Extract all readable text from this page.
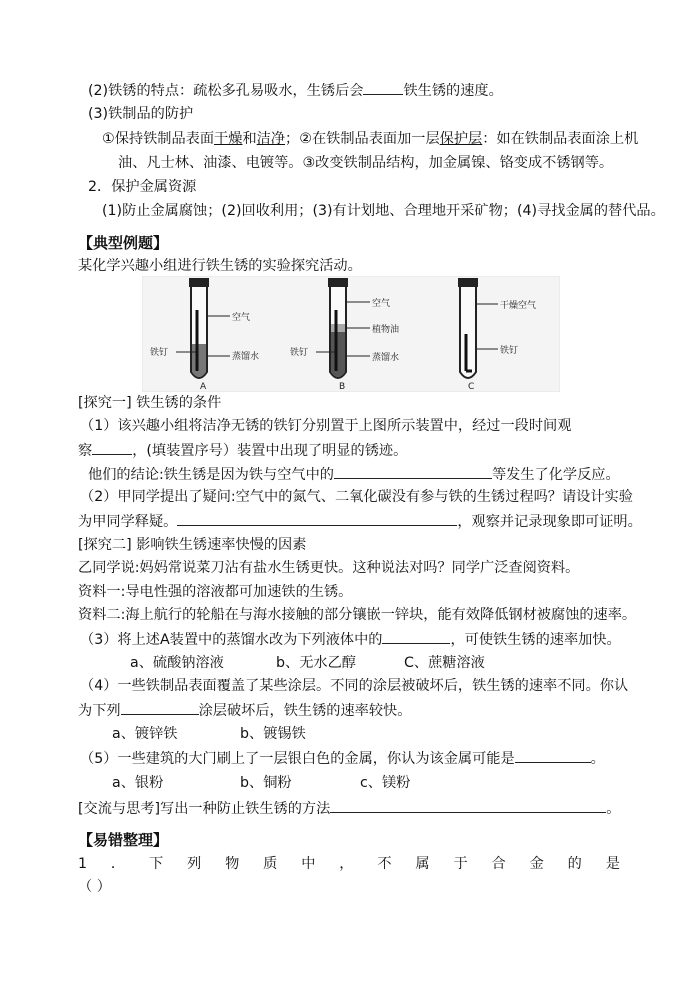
(2)铁锈的特点：疏松多孔易吸水，生锈后会	铁生锈的速度。
(3)铁制品的防护
①保持铁制品表面干燥和洁净；②在铁制品表面加一层保护层：如在铁制品表面涂上机
油、凡士林、油漆、电镀等。③改变铁制品结构，加金属镍、铬变成不锈钢等。
2．保护金属资源
(1)防止金属腐蚀；(2)回收利用；(3)有计划地、合理地开采矿物；(4)寻找金属的替代品。
【典型例题】
某化学兴趣小组进行铁生锈的实验探究活动。
空气
铁钉	蒸馏水
A
空气
植物油
铁钉	蒸馏水
B
干燥空气
铁钉
C
[探究一] 铁生锈的条件
（1）该兴趣小组将洁净无锈的铁钉分别置于上图所示装置中，经过一段时间观
察	，(填装置序号）装置中出现了明显的锈迹。
他们的结论:铁生锈是因为铁与空气中的	等发生了化学反应。
（2）甲同学提出了疑问:空气中的氮气、二氧化碳没有参与铁的生锈过程吗？请设计实验
为甲同学释疑。	，观察并记录现象即可证明。
[探究二] 影响铁生锈速率快慢的因素
乙同学说:妈妈常说菜刀沾有盐水生锈更快。这种说法对吗？同学广泛查阅资料。
资料一:导电性强的溶液都可加速铁的生锈。
资料二:海上航行的轮船在与海水接触的部分镶嵌一锌块，能有效降低钢材被腐蚀的速率。
（3）将上述A装置中的蒸馏水改为下列液体中的	，可使铁生锈的速率加快。
a、硫酸钠溶液	b、无水乙醇	C、蔗糖溶液
（4）一些铁制品表面覆盖了某些涂层。不同的涂层被破坏后，铁生锈的速率不同。你认
为下列	涂层破坏后，铁生锈的速率较快。
a、镀锌铁	b、镀锡铁
（5）一些建筑的大门刷上了一层银白色的金属，你认为该金属可能是	。
a、银粉	b、铜粉	c、镁粉
[交流与思考]写出一种防止铁生锈的方法	。
【易错整理】
1 ． 下 列 物 质 中 ， 不 属 于 合 金 的 是
（ ）
